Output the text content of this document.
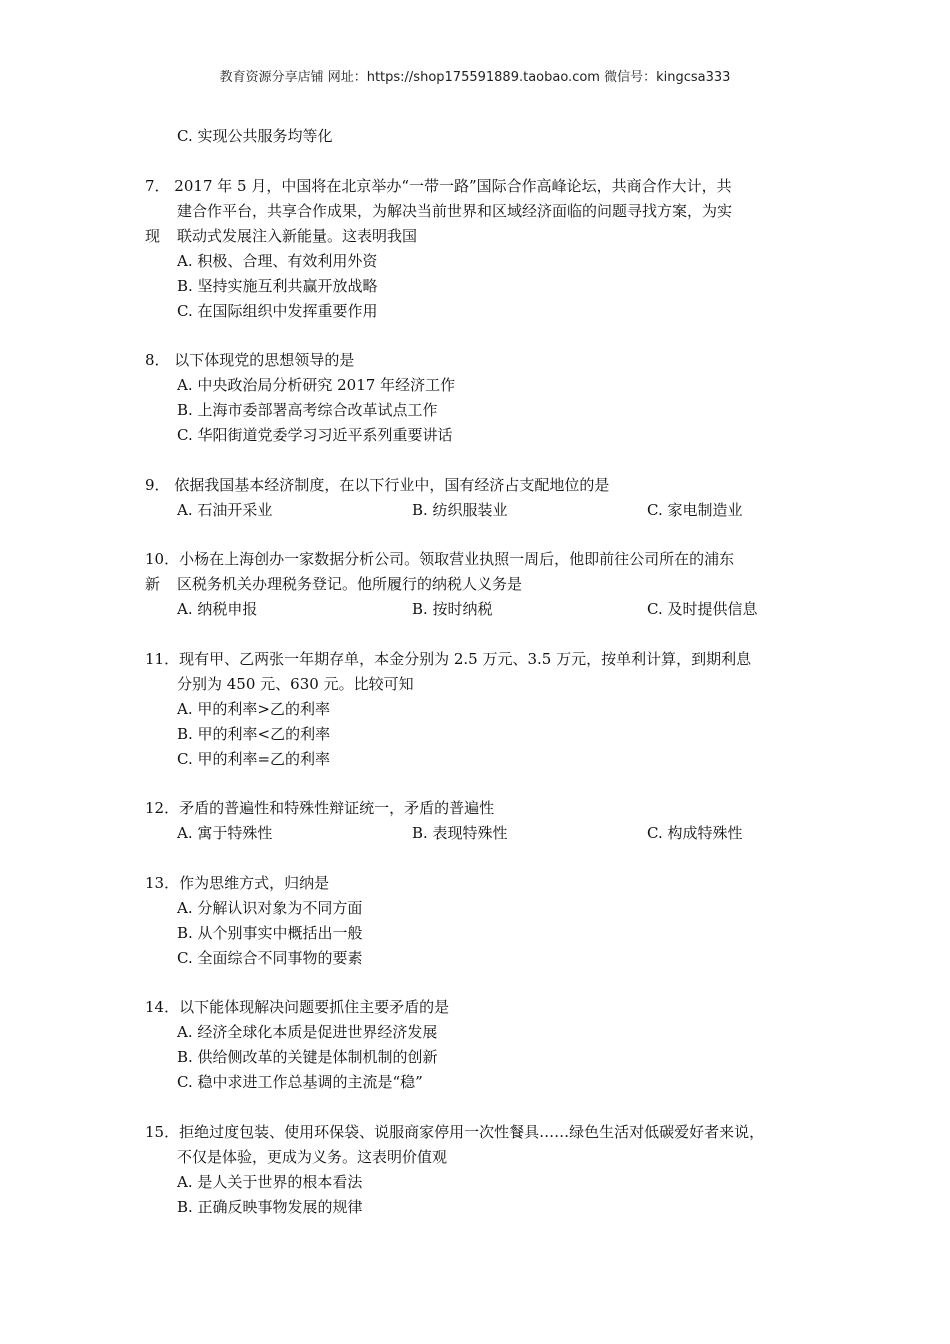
教育资源分享店铺 网址：https://shop175591889.taobao.com 微信号：kingcsa333
C. 实现公共服务均等化
7． 2017 年 5 月，中国将在北京举办“一带一路”国际合作高峰论坛，共商合作大计，共
建合作平台，共享合作成果，为解决当前世界和区域经济面临的问题寻找方案，为实
现 联动式发展注入新能量。这表明我国
A. 积极、合理、有效利用外资
B. 坚持实施互利共赢开放战略
C. 在国际组织中发挥重要作用
8． 以下体现党的思想领导的是
A. 中央政治局分析研究 2017 年经济工作
B. 上海市委部署高考综合改革试点工作
C. 华阳街道党委学习习近平系列重要讲话
9． 依据我国基本经济制度，在以下行业中，国有经济占支配地位的是
A. 石油开采业	B. 纺织服装业	C. 家电制造业
10．小杨在上海创办一家数据分析公司。领取营业执照一周后，他即前往公司所在的浦东
新 区税务机关办理税务登记。他所履行的纳税人义务是
A. 纳税申报	B. 按时纳税	C. 及时提供信息
11．现有甲、乙两张一年期存单，本金分别为 2.5 万元、3.5 万元，按单利计算，到期利息
分别为 450 元、630 元。比较可知
A. 甲的利率>乙的利率
B. 甲的利率<乙的利率
C. 甲的利率=乙的利率
12．矛盾的普遍性和特殊性辩证统一，矛盾的普遍性
A. 寓于特殊性	B. 表现特殊性	C. 构成特殊性
13．作为思维方式，归纳是
A. 分解认识对象为不同方面
B. 从个别事实中概括出一般
C. 全面综合不同事物的要素
14．以下能体现解决问题要抓住主要矛盾的是
A. 经济全球化本质是促进世界经济发展
B. 供给侧改革的关键是体制机制的创新
C. 稳中求进工作总基调的主流是“稳”
15．拒绝过度包装、使用环保袋、说服商家停用一次性餐具……绿色生活对低碳爱好者来说，
不仅是体验，更成为义务。这表明价值观
A. 是人关于世界的根本看法
B. 正确反映事物发展的规律
